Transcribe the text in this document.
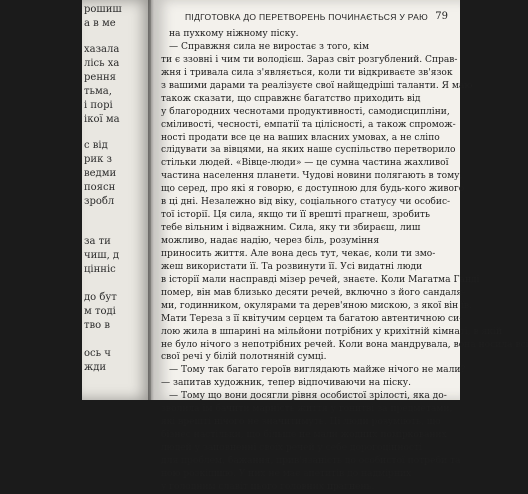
рошиш
а в ме
хазала
лісь ха
рення
тьма,
і порі
ікої ма
с від
рик з
ведми
поясн
зробл
за ти
чиш, д
цінніс
до бут
м тоді
тво в
ось ч
жди
ПІДГОТОВКА ДО ПЕРЕТВОРЕНЬ ПОЧИНАЄТЬСЯ У РАЮ 79
на пухкому ніжному піску.
— Справжня сила не виростає з того, кім
ти є ззовні і чим ти володієш. Зараз світ розгублений. Справ-
жня і тривала сила з'являється, коли ти відкриваєте зв'язок
з вашими дарами та реалізуєте свої найщедріші таланти. Я маю
також сказати, що справжнє багатство приходить від
у благородних чеснотами продуктивності, самодисципліни,
сміливості, чесності, емпатії та цілісності, а також спромож-
ності продати все це на ваших власних умовах, а не сліпо
слідувати за вівцями, на яких наше суспільство перетворило
стільки людей. «Вівце-люди» — це сумна частина жахливої
частина населення планети. Чудові новини полягають в тому,
що серед, про які я говорю, є доступною для будь-кого живого
в ці дні. Незалежно від віку, соціального статусу чи особис-
тої історії. Ця сила, якщо ти її врешті прагнеш, зробить
тебе вільним і відважним. Сила, яку ти збираєш, лиш
можливо, надає надію, через біль, розуміння
приносить життя. Але вона десь тут, чекає, коли ти змо-
жеш використати її. Та розвинути її. Усі видатні люди
в історії мали насправді мізер речей, знаєте. Коли Магатма Ганді
помер, він мав близько десяти речей, включно з його сандаля-
ми, годинником, окулярами та дерев'яною мискою, з якої він їв.
Мати Тереза з її квітучим серцем та багатою автентичною си-
лою жила в шпарині на мільйони потрібних у крихітній кімнаті, в якій
не було нічого з непотрібних речей. Коли вона мандрувала, вона носила всі
свої речі у білій полотняній сумці.
— Тому так багато героїв виглядають майже нічого не мали?
— запитав художник, тепер відпочиваючи на піску.
— Тому що вони досягли рівня особистої зрілості, яка до-
зволила їм бачити марність життя у гонитві за предметами,
які врешті нічого не значитимуть. Ці люди розуміють, що
бізнес настільки, що більше не мали жодних поміркованих
людей у заповненні своїх речей у себе дорогоцінності
для проблем, бажання, прив'язаність до особистої потреби та
ною розкішшю. У них не має апетитів до надмірних
у голодним славіт цього головних прагнень.
